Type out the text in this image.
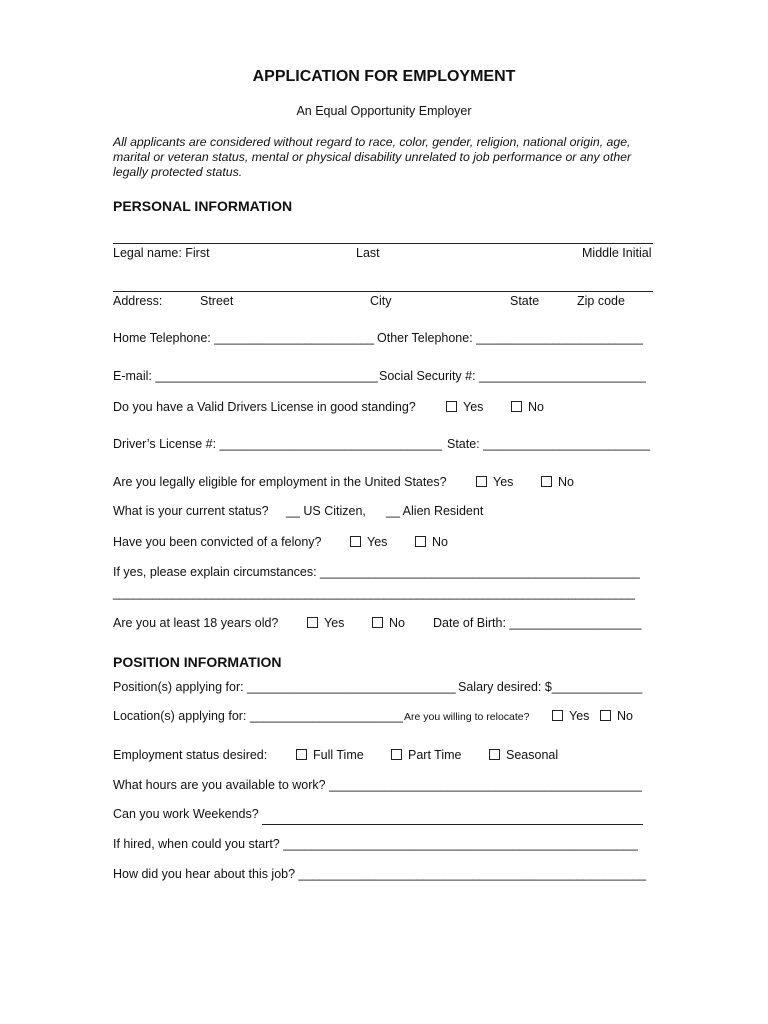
APPLICATION FOR EMPLOYMENT
An Equal Opportunity Employer
All applicants are considered without regard to race, color, gender, religion, national origin, age, marital or veteran status, mental or physical disability unrelated to job performance or any other legally protected status.
PERSONAL INFORMATION
Legal name: First	Last	Middle Initial
Address:	Street	City	State	Zip code
Home Telephone: _______________________ Other Telephone: ________________________
E-mail: ________________________________ Social Security #: ________________________
Do you have a Valid Drivers License in good standing?	Yes	No
Driver’s License #: ________________________________ State: ________________________
Are you legally eligible for employment in the United States?	Yes	No
What is your current status? __ US Citizen, __ Alien Resident
Have you been convicted of a felony?	Yes	No
If yes, please explain circumstances: ______________________________________________
_______________________________________________________________________________
Are you at least 18 years old?	Yes	No Date of Birth: ___________________
POSITION INFORMATION
Position(s) applying for: ______________________________ Salary desired: $_____________
Location(s) applying for: ______________________ Are you willing to relocate?	Yes	No
Employment status desired:	Full Time	Part Time	Seasonal
What hours are you available to work? _____________________________________________
Can you work Weekends?
If hired, when could you start? ___________________________________________________
How did you hear about this job? __________________________________________________
